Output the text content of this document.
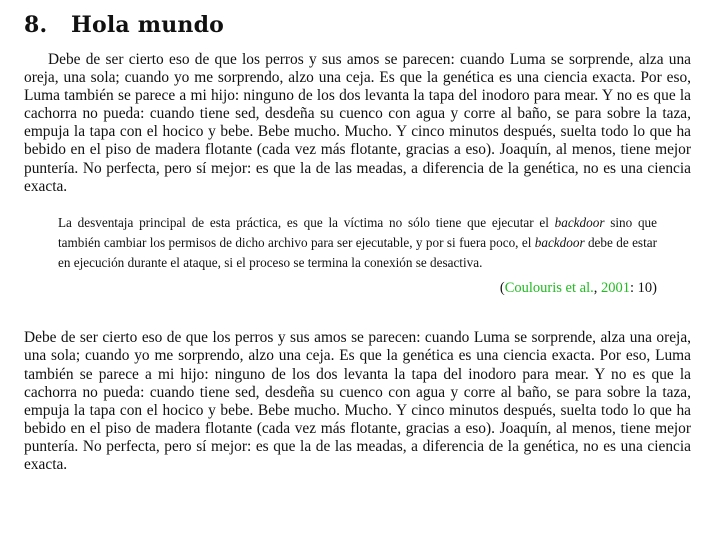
8. Hola mundo

Debe de ser cierto eso de que los perros y sus amos se parecen: cuando Luma se sorprende, alza una oreja, una sola; cuando yo me sorprendo, alzo una ceja. Es que la genética es una ciencia exacta. Por eso, Luma también se parece a mi hijo: ninguno de los dos levanta la tapa del inodoro para mear. Y no es que la cachorra no pueda: cuando tiene sed, desdeña su cuenco con agua y corre al baño, se para sobre la taza, empuja la tapa con el hocico y bebe. Bebe mucho. Mucho. Y cinco minutos después, suelta todo lo que ha bebido en el piso de madera flotante (cada vez más flotante, gracias a eso). Joaquín, al menos, tiene mejor puntería. No perfecta, pero sí mejor: es que la de las meadas, a diferencia de la genética, no es una ciencia exacta.

La desventaja principal de esta práctica, es que la víctima no sólo tiene que ejecutar el backdoor sino que también cambiar los permisos de dicho archivo para ser ejecutable, y por si fuera poco, el backdoor debe de estar en ejecución durante el ataque, si el proceso se termina la conexión se desactiva.
(Coulouris et al., 2001: 10)

Debe de ser cierto eso de que los perros y sus amos se parecen: cuando Luma se sorprende, alza una oreja, una sola; cuando yo me sorprendo, alzo una ceja. Es que la genética es una ciencia exacta. Por eso, Luma también se parece a mi hijo: ninguno de los dos levanta la tapa del inodoro para mear. Y no es que la cachorra no pueda: cuando tiene sed, desdeña su cuenco con agua y corre al baño, se para sobre la taza, empuja la tapa con el hocico y bebe. Bebe mucho. Mucho. Y cinco minutos después, suelta todo lo que ha bebido en el piso de madera flotante (cada vez más flotante, gracias a eso). Joaquín, al menos, tiene mejor puntería. No perfecta, pero sí mejor: es que la de las meadas, a diferencia de la genética, no es una ciencia exacta.
